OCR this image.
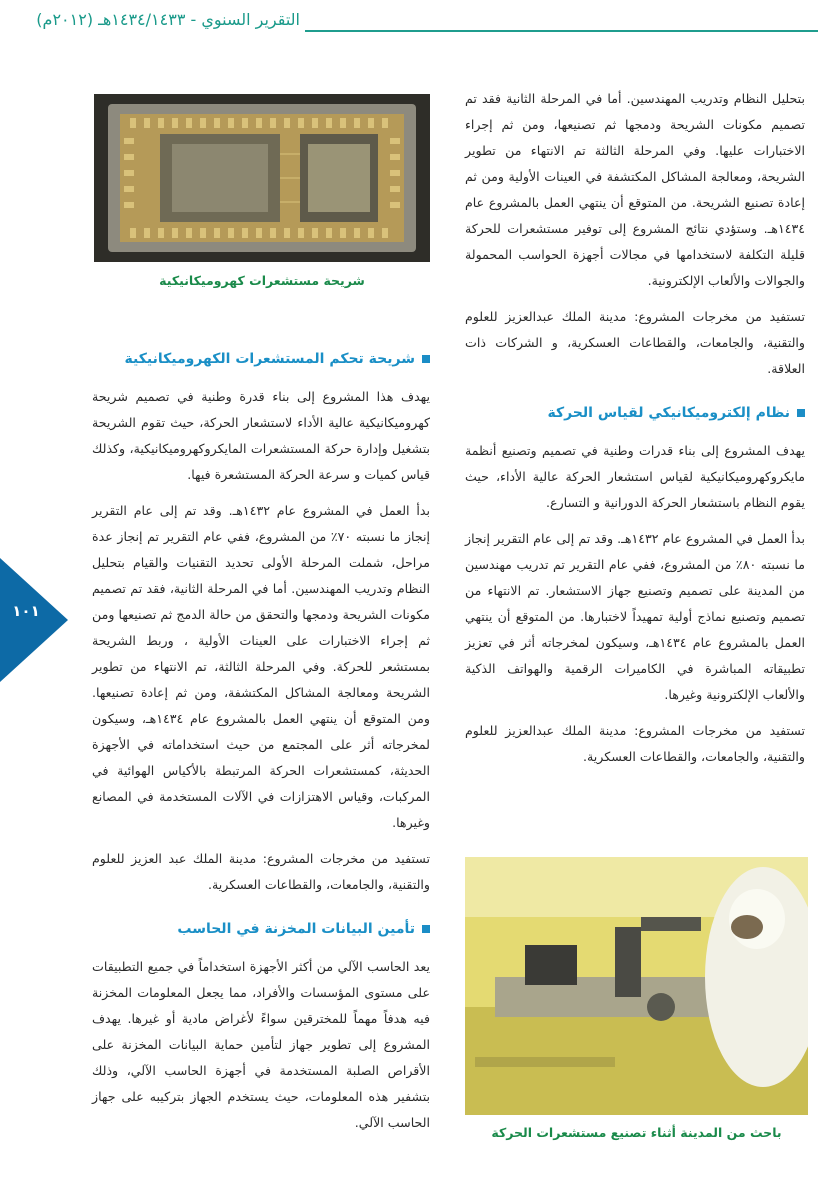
التقرير السنوي - ١٤٣٤/١٤٣٣هـ (٢٠١٢م)
١٠١
شريحة مستشعرات كهروميكانيكية

بتحليل النظام وتدريب المهندسين. أما في المرحلة الثانية فقد تم تصميم مكونات الشريحة ودمجها ثم تصنيعها، ومن ثم إجراء الاختبارات عليها. وفي المرحلة الثالثة تم الانتهاء من تطوير الشريحة، ومعالجة المشاكل المكتشفة في العينات الأولية ومن ثم إعادة تصنيع الشريحة. من المتوقع أن ينتهي العمل بالمشروع عام ١٤٣٤هـ. وستؤدي نتائج المشروع إلى توفير مستشعرات للحركة قليلة التكلفة لاستخدامها في مجالات أجهزة الحواسب المحمولة والجوالات والألعاب الإلكترونية.

تستفيد من مخرجات المشروع: مدينة الملك عبدالعزيز للعلوم والتقنية، والجامعات، والقطاعات العسكرية، و الشركات ذات العلاقة.

نظام إلكتروميكانيكي لقياس الحركة

يهدف المشروع إلى بناء قدرات وطنية في تصميم وتصنيع أنظمة مايكروكهروميكانيكية لقياس استشعار الحركة عالية الأداء، حيث يقوم النظام باستشعار الحركة الدورانية و التسارع.

بدأ العمل في المشروع عام ١٤٣٢هـ. وقد تم إلى عام التقرير إنجاز ما نسبته ٨٠٪ من المشروع، ففي عام التقرير تم تدريب مهندسين من المدينة على تصميم وتصنيع جهاز الاستشعار. تم الانتهاء من تصميم وتصنيع نماذج أولية تمهيداً لاختبارها. من المتوقع أن ينتهي العمل بالمشروع عام ١٤٣٤هـ، وسيكون لمخرجاته أثر في تعزيز تطبيقاته المباشرة في الكاميرات الرقمية والهواتف الذكية والألعاب الإلكترونية وغيرها.

تستفيد من مخرجات المشروع: مدينة الملك عبدالعزيز للعلوم والتقنية، والجامعات، والقطاعات العسكرية.

شريحة تحكم المستشعرات الكهروميكانيكية

يهدف هذا المشروع إلى بناء قدرة وطنية في تصميم شريحة كهروميكانيكية عالية الأداء لاستشعار الحركة، حيث تقوم الشريحة بتشغيل وإدارة حركة المستشعرات المايكروكهروميكانيكية، وكذلك قياس كميات و سرعة الحركة المستشعرة فيها.

بدأ العمل في المشروع عام ١٤٣٢هـ. وقد تم إلى عام التقرير إنجاز ما نسبته ٧٠٪ من المشروع، ففي عام التقرير تم إنجاز عدة مراحل، شملت المرحلة الأولى تحديد التقنيات والقيام بتحليل النظام وتدريب المهندسين. أما في المرحلة الثانية، فقد تم تصميم مكونات الشريحة ودمجها والتحقق من حالة الدمج ثم تصنيعها ومن ثم إجراء الاختبارات على العينات الأولية ، وربط الشريحة بمستشعر للحركة. وفي المرحلة الثالثة، تم الانتهاء من تطوير الشريحة ومعالجة المشاكل المكتشفة، ومن ثم إعادة تصنيعها. ومن المتوقع أن ينتهي العمل بالمشروع عام ١٤٣٤هـ، وسيكون لمخرجاته أثر على المجتمع من حيث استخداماته في الأجهزة الحديثة، كمستشعرات الحركة المرتبطة بالأكياس الهوائية في المركبات، وقياس الاهتزازات في الآلات المستخدمة في المصانع وغيرها.

تستفيد من مخرجات المشروع: مدينة الملك عبد العزيز للعلوم والتقنية، والجامعات، والقطاعات العسكرية.

تأمين البيانات المخزنة في الحاسب

يعد الحاسب الآلي من أكثر الأجهزة استخداماً في جميع التطبيقات على مستوى المؤسسات والأفراد، مما يجعل المعلومات المخزنة فيه هدفاً مهماً للمخترقين سواءً لأغراض مادية أو غيرها. يهدف المشروع إلى تطوير جهاز لتأمين حماية البيانات المخزنة على الأقراص الصلبة المستخدمة في أجهزة الحاسب الآلي، وذلك بتشفير هذه المعلومات، حيث يستخدم الجهاز بتركيبه على جهاز الحاسب الآلي.

باحث من المدينة أثناء تصنيع مستشعرات الحركة
